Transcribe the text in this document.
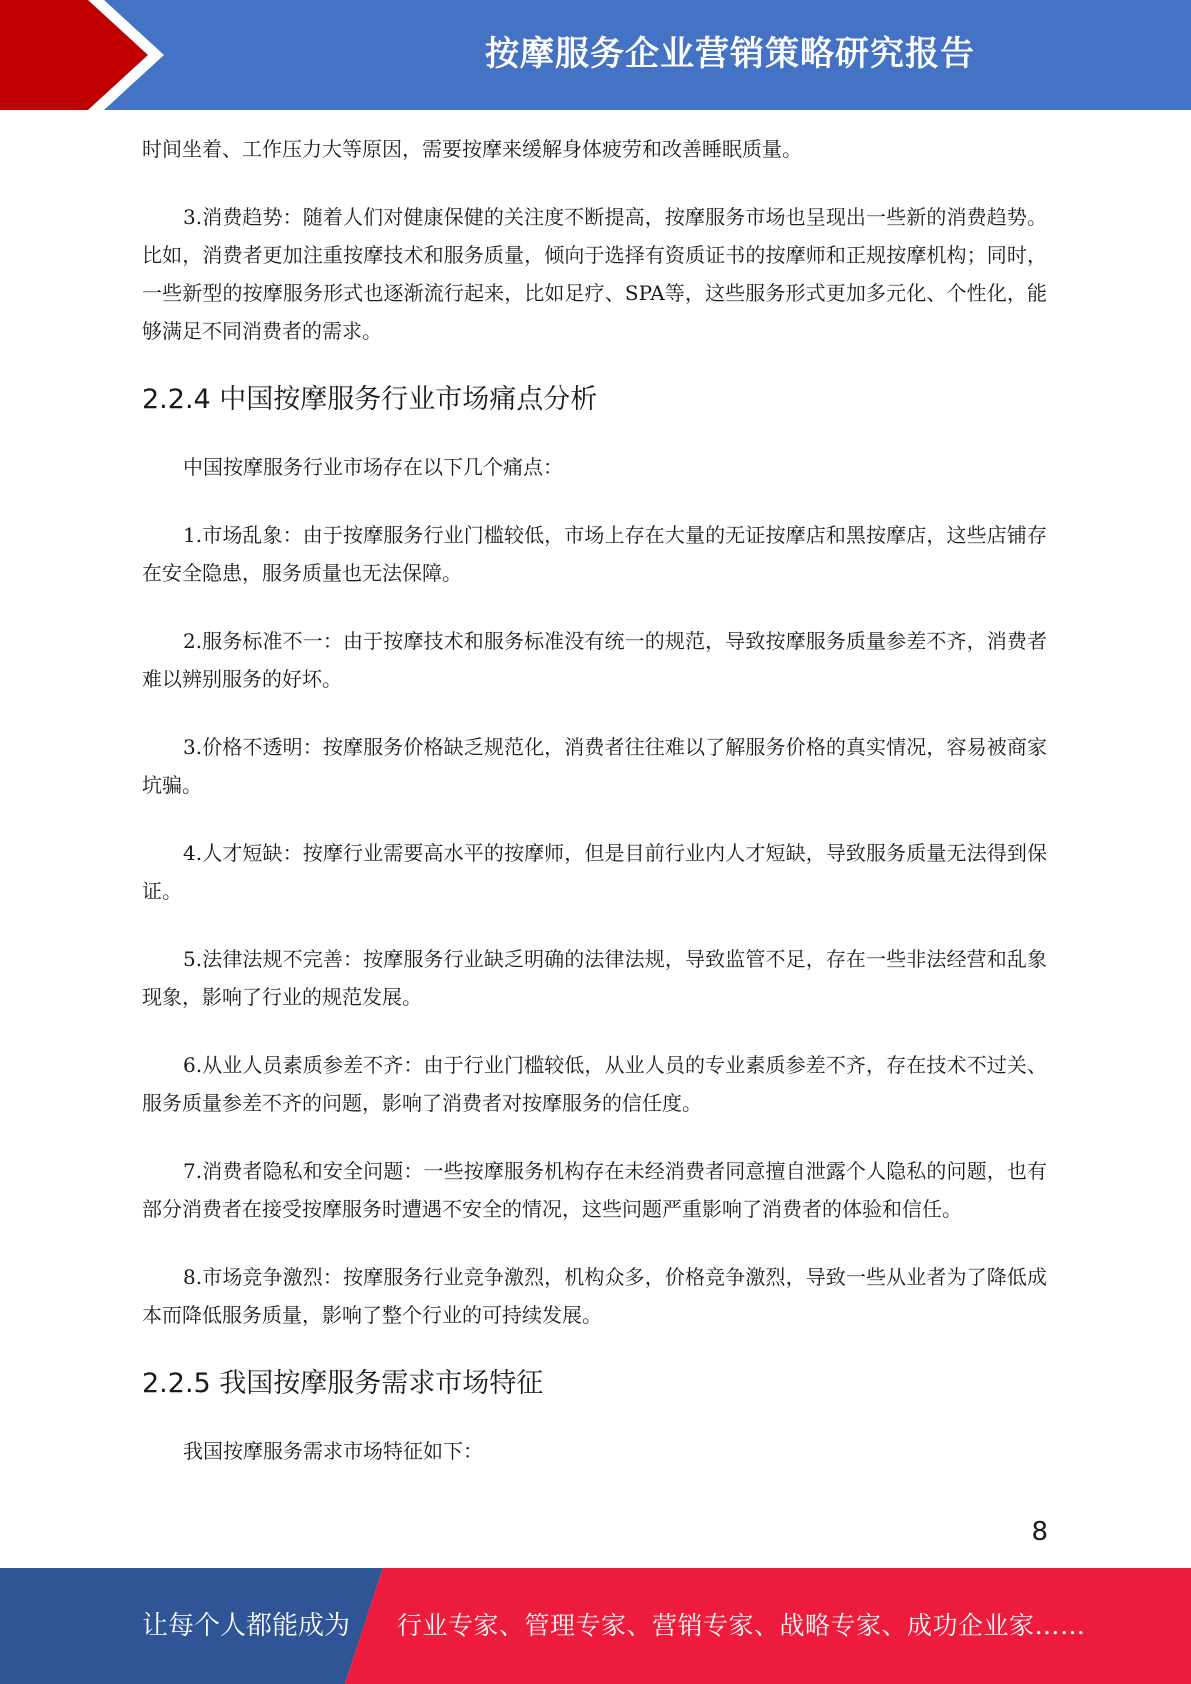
按摩服务企业营销策略研究报告

时间坐着、工作压力大等原因，需要按摩来缓解身体疲劳和改善睡眠质量。

3.消费趋势：随着人们对健康保健的关注度不断提高，按摩服务市场也呈现出一些新的消费趋势。比如，消费者更加注重按摩技术和服务质量，倾向于选择有资质证书的按摩师和正规按摩机构；同时，一些新型的按摩服务形式也逐渐流行起来，比如足疗、SPA等，这些服务形式更加多元化、个性化，能够满足不同消费者的需求。

2.2.4 中国按摩服务行业市场痛点分析

中国按摩服务行业市场存在以下几个痛点：

1.市场乱象：由于按摩服务行业门槛较低，市场上存在大量的无证按摩店和黑按摩店，这些店铺存在安全隐患，服务质量也无法保障。

2.服务标准不一：由于按摩技术和服务标准没有统一的规范，导致按摩服务质量参差不齐，消费者难以辨别服务的好坏。

3.价格不透明：按摩服务价格缺乏规范化，消费者往往难以了解服务价格的真实情况，容易被商家坑骗。

4.人才短缺：按摩行业需要高水平的按摩师，但是目前行业内人才短缺，导致服务质量无法得到保证。

5.法律法规不完善：按摩服务行业缺乏明确的法律法规，导致监管不足，存在一些非法经营和乱象现象，影响了行业的规范发展。

6.从业人员素质参差不齐：由于行业门槛较低，从业人员的专业素质参差不齐，存在技术不过关、服务质量参差不齐的问题，影响了消费者对按摩服务的信任度。

7.消费者隐私和安全问题：一些按摩服务机构存在未经消费者同意擅自泄露个人隐私的问题，也有部分消费者在接受按摩服务时遭遇不安全的情况，这些问题严重影响了消费者的体验和信任。

8.市场竞争激烈：按摩服务行业竞争激烈，机构众多，价格竞争激烈，导致一些从业者为了降低成本而降低服务质量，影响了整个行业的可持续发展。

2.2.5 我国按摩服务需求市场特征

我国按摩服务需求市场特征如下：

8
让每个人都能成为 行业专家、管理专家、营销专家、战略专家、成功企业家……
